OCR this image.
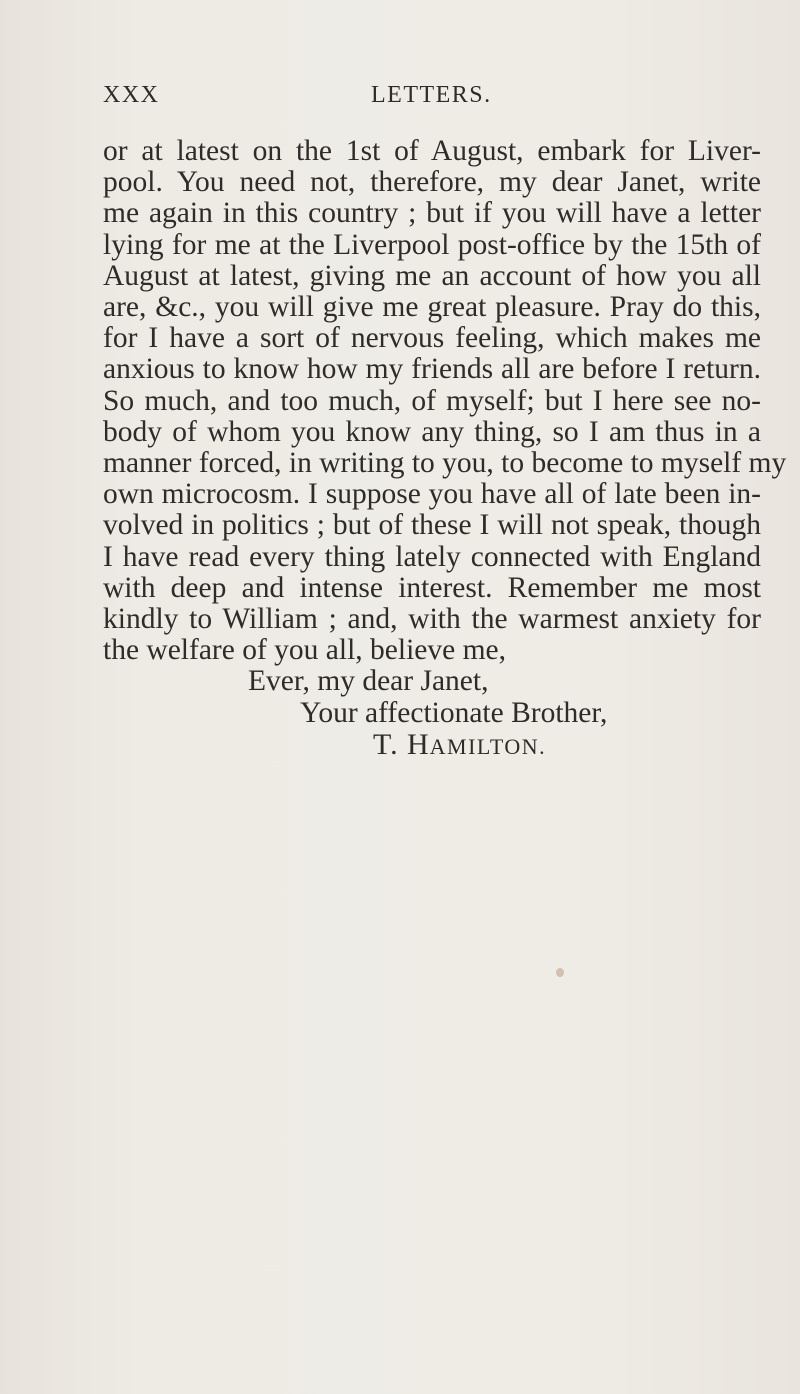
XXX	LETTERS.
or at latest on the 1st of August, embark for Liver-
pool. You need not, therefore, my dear Janet, write
me again in this country ; but if you will have a letter
lying for me at the Liverpool post-office by the 15th of
August at latest, giving me an account of how you all
are, &c., you will give me great pleasure. Pray do this,
for I have a sort of nervous feeling, which makes me
anxious to know how my friends all are before I return.
So much, and too much, of myself; but I here see no-
body of whom you know any thing, so I am thus in a
manner forced, in writing to you, to become to myself my
own microcosm. I suppose you have all of late been in-
volved in politics ; but of these I will not speak, though
I have read every thing lately connected with England
with deep and intense interest. Remember me most
kindly to William ; and, with the warmest anxiety for
the welfare of you all, believe me,
Ever, my dear Janet,
Your affectionate Brother,
T. HAMILTON.
